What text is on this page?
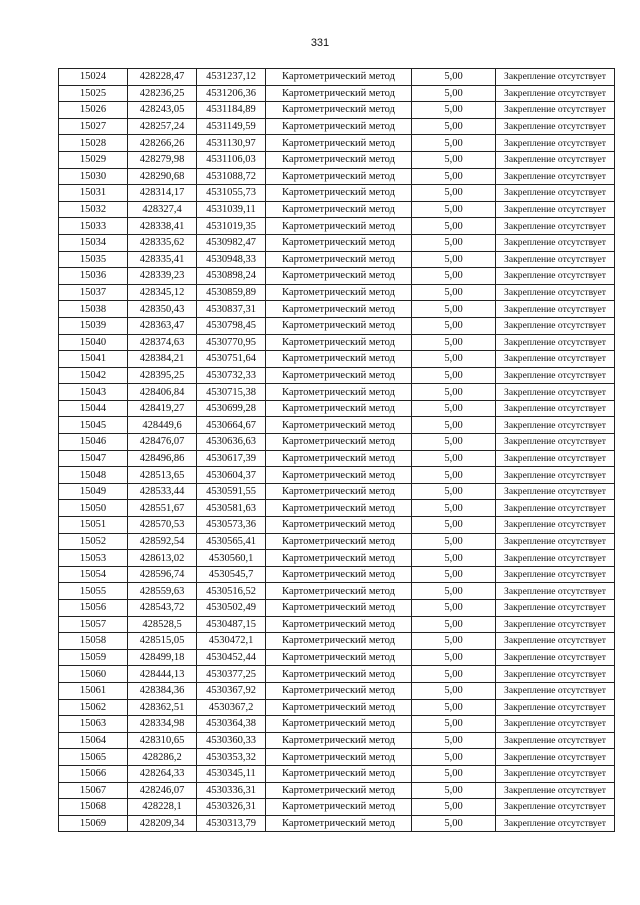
331
15024	428228,47	4531237,12	Картометрический метод	5,00	Закрепление отсутствует
15025	428236,25	4531206,36	Картометрический метод	5,00	Закрепление отсутствует
15026	428243,05	4531184,89	Картометрический метод	5,00	Закрепление отсутствует
15027	428257,24	4531149,59	Картометрический метод	5,00	Закрепление отсутствует
15028	428266,26	4531130,97	Картометрический метод	5,00	Закрепление отсутствует
15029	428279,98	4531106,03	Картометрический метод	5,00	Закрепление отсутствует
15030	428290,68	4531088,72	Картометрический метод	5,00	Закрепление отсутствует
15031	428314,17	4531055,73	Картометрический метод	5,00	Закрепление отсутствует
15032	428327,4	4531039,11	Картометрический метод	5,00	Закрепление отсутствует
15033	428338,41	4531019,35	Картометрический метод	5,00	Закрепление отсутствует
15034	428335,62	4530982,47	Картометрический метод	5,00	Закрепление отсутствует
15035	428335,41	4530948,33	Картометрический метод	5,00	Закрепление отсутствует
15036	428339,23	4530898,24	Картометрический метод	5,00	Закрепление отсутствует
15037	428345,12	4530859,89	Картометрический метод	5,00	Закрепление отсутствует
15038	428350,43	4530837,31	Картометрический метод	5,00	Закрепление отсутствует
15039	428363,47	4530798,45	Картометрический метод	5,00	Закрепление отсутствует
15040	428374,63	4530770,95	Картометрический метод	5,00	Закрепление отсутствует
15041	428384,21	4530751,64	Картометрический метод	5,00	Закрепление отсутствует
15042	428395,25	4530732,33	Картометрический метод	5,00	Закрепление отсутствует
15043	428406,84	4530715,38	Картометрический метод	5,00	Закрепление отсутствует
15044	428419,27	4530699,28	Картометрический метод	5,00	Закрепление отсутствует
15045	428449,6	4530664,67	Картометрический метод	5,00	Закрепление отсутствует
15046	428476,07	4530636,63	Картометрический метод	5,00	Закрепление отсутствует
15047	428496,86	4530617,39	Картометрический метод	5,00	Закрепление отсутствует
15048	428513,65	4530604,37	Картометрический метод	5,00	Закрепление отсутствует
15049	428533,44	4530591,55	Картометрический метод	5,00	Закрепление отсутствует
15050	428551,67	4530581,63	Картометрический метод	5,00	Закрепление отсутствует
15051	428570,53	4530573,36	Картометрический метод	5,00	Закрепление отсутствует
15052	428592,54	4530565,41	Картометрический метод	5,00	Закрепление отсутствует
15053	428613,02	4530560,1	Картометрический метод	5,00	Закрепление отсутствует
15054	428596,74	4530545,7	Картометрический метод	5,00	Закрепление отсутствует
15055	428559,63	4530516,52	Картометрический метод	5,00	Закрепление отсутствует
15056	428543,72	4530502,49	Картометрический метод	5,00	Закрепление отсутствует
15057	428528,5	4530487,15	Картометрический метод	5,00	Закрепление отсутствует
15058	428515,05	4530472,1	Картометрический метод	5,00	Закрепление отсутствует
15059	428499,18	4530452,44	Картометрический метод	5,00	Закрепление отсутствует
15060	428444,13	4530377,25	Картометрический метод	5,00	Закрепление отсутствует
15061	428384,36	4530367,92	Картометрический метод	5,00	Закрепление отсутствует
15062	428362,51	4530367,2	Картометрический метод	5,00	Закрепление отсутствует
15063	428334,98	4530364,38	Картометрический метод	5,00	Закрепление отсутствует
15064	428310,65	4530360,33	Картометрический метод	5,00	Закрепление отсутствует
15065	428286,2	4530353,32	Картометрический метод	5,00	Закрепление отсутствует
15066	428264,33	4530345,11	Картометрический метод	5,00	Закрепление отсутствует
15067	428246,07	4530336,31	Картометрический метод	5,00	Закрепление отсутствует
15068	428228,1	4530326,31	Картометрический метод	5,00	Закрепление отсутствует
15069	428209,34	4530313,79	Картометрический метод	5,00	Закрепление отсутствует
